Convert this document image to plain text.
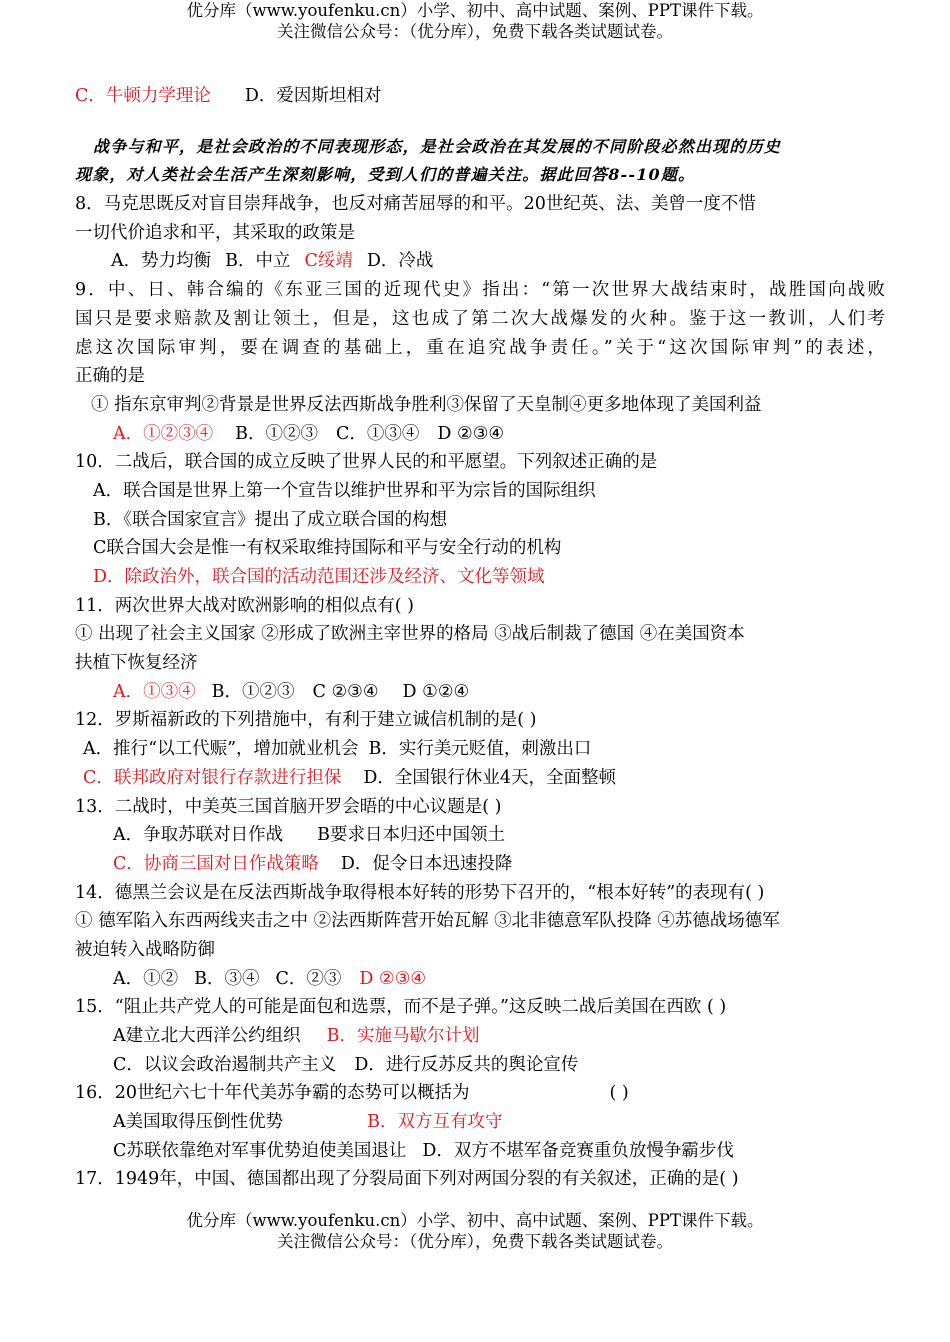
优分库（www.youfenku.cn）小学、初中、高中试题、案例、PPT课件下载。
关注微信公众号：（优分库），免费下载各类试题试卷。
C．牛顿力学理论 D．爱因斯坦相对
战争与和平，是社会政治的不同表现形态，是社会政治在其发展的不同阶段必然出现的历史
现象，对人类社会生活产生深刻影响，受到人们的普遍关注。据此回答8--10题。
8．马克思既反对盲目崇拜战争，也反对痛苦屈辱的和平。20世纪英、法、美曾一度不惜
一切代价追求和平，其采取的政策是
A．势力均衡 B．中立 C绥靖 D．冷战
9．中、日、韩合编的《东亚三国的近现代史》指出：“第一次世界大战结束时，战胜国向战败
国只是要求赔款及割让领土，但是，这也成了第二次大战爆发的火种。鉴于这一教训，人们考
虑这次国际审判，要在调查的基础上，重在追究战争责任。”关于“这次国际审判”的表述，
正确的是
① 指东京审判②背景是世界反法西斯战争胜利③保留了天皇制④更多地体现了美国利益
A．①②③④ B．①②③ C．①③④ D ②③④
10．二战后，联合国的成立反映了世界人民的和平愿望。下列叙述正确的是
A．联合国是世界上第一个宣告以维护世界和平为宗旨的国际组织
B．《联合国家宣言》提出了成立联合国的构想
C联合国大会是惟一有权采取维持国际和平与安全行动的机构
D．除政治外，联合国的活动范围还涉及经济、文化等领域
11．两次世界大战对欧洲影响的相似点有( )
① 出现了社会主义国家 ②形成了欧洲主宰世界的格局 ③战后制裁了德国 ④在美国资本
扶植下恢复经济
A．①③④ B．①②③ C ②③④ D ①②④
12．罗斯福新政的下列措施中，有利于建立诚信机制的是( )
A．推行“以工代赈”，增加就业机会 B．实行美元贬值，刺激出口
C．联邦政府对银行存款进行担保 D．全国银行休业4天，全面整顿
13．二战时，中美英三国首脑开罗会晤的中心议题是( )
A．争取苏联对日作战 B要求日本归还中国领土
C．协商三国对日作战策略 D．促令日本迅速投降
14．德黑兰会议是在反法西斯战争取得根本好转的形势下召开的，“根本好转”的表现有( )
① 德军陷入东西两线夹击之中 ②法西斯阵营开始瓦解 ③北非德意军队投降 ④苏德战场德军
被迫转入战略防御
A．①② B．③④ C．②③ D ②③④
15．“阻止共产党人的可能是面包和选票，而不是子弹。”这反映二战后美国在西欧 ( )
A建立北大西洋公约组织 B．实施马歇尔计划
C．以议会政治遏制共产主义 D．进行反苏反共的舆论宣传
16．20世纪六七十年代美苏争霸的态势可以概括为	( )
A美国取得压倒性优势	B．双方互有攻守
C苏联依靠绝对军事优势迫使美国退让 D．双方不堪军备竞赛重负放慢争霸步伐
17．1949年，中国、德国都出现了分裂局面下列对两国分裂的有关叙述，正确的是( )
优分库（www.youfenku.cn）小学、初中、高中试题、案例、PPT课件下载。
关注微信公众号：（优分库），免费下载各类试题试卷。
